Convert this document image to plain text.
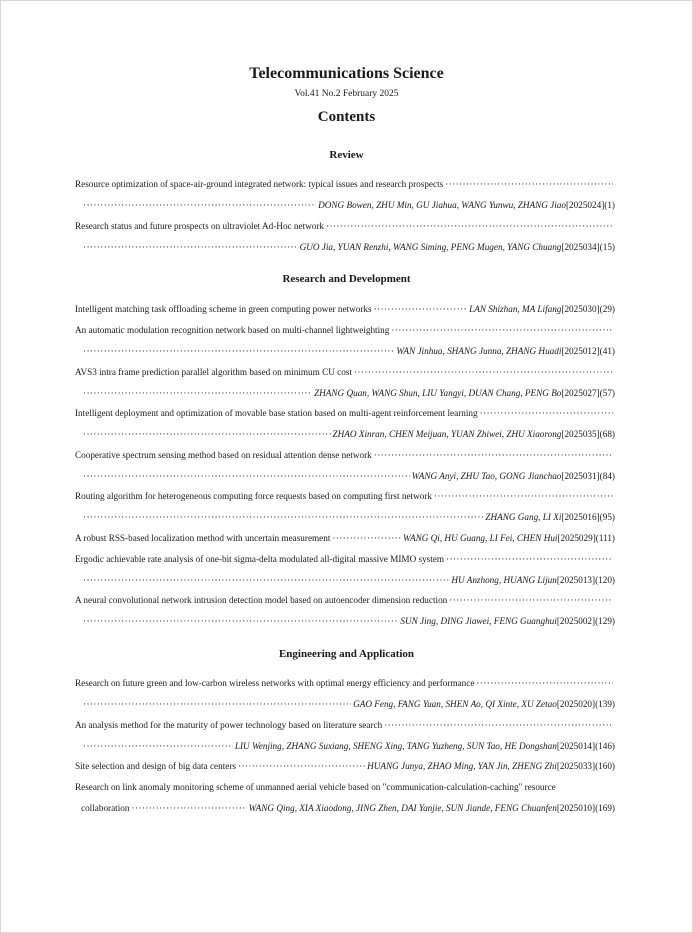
Telecommunications Science
Vol.41 No.2 February 2025
Contents
Review
Resource optimization of space-air-ground integrated network: typical issues and research prospects
·····
·····
DONG Bowen, ZHU Min, GU Jiahua, WANG Yunwu, ZHANG Jiao [2025024](1)
Research status and future prospects on ultraviolet Ad-Hoc network
·····
·····
GUO Jia, YUAN Renzhi, WANG Siming, PENG Mugen, YANG Chuang [2025034](15)
Research and Development
Intelligent matching task offloading scheme in green computing power networks ·····	LAN Shizhan, MA Lifang [2025030](29)
An automatic modulation recognition network based on multi-channel lightweighting
·····
·····
WAN Jinhua, SHANG Junna, ZHANG Huadi [2025012](41)
AVS3 intra frame prediction parallel algorithm based on minimum CU cost
·····
·····
ZHANG Quan, WANG Shun, LIU Yangyi, DUAN Chang, PENG Bo [2025027](57)
Intelligent deployment and optimization of movable base station based on multi-agent reinforcement learning
·····
·····
ZHAO Xinran, CHEN Meijuan, YUAN Zhiwei, ZHU Xiaorong [2025035](68)
Cooperative spectrum sensing method based on residual attention dense network
·····
·····
WANG Anyi, ZHU Tao, GONG Jianchao [2025031](84)
Routing algorithm for heterogeneous computing force requests based on computing first network
·····
·····
ZHANG Gang, LI Xi [2025016](95)
A robust RSS-based localization method with uncertain measurement ·····	WANG Qi, HU Guang, LI Fei, CHEN Hui [2025029](111)
Ergodic achievable rate analysis of one-bit sigma-delta modulated all-digital massive MIMO system
·····
·····
HU Anzhong, HUANG Lijun [2025013](120)
A neural convolutional network intrusion detection model based on autoencoder dimension reduction
·····
·····
SUN Jing, DING Jiawei, FENG Guanghui [2025002](129)
Engineering and Application
Research on future green and low-carbon wireless networks with optimal energy efficiency and performance
·····
·····
GAO Feng, FANG Yuan, SHEN Ao, QI Xinte, XU Zetao [2025020](139)
An analysis method for the maturity of power technology based on literature search
·····
·····
LIU Wenjing, ZHANG Suxiang, SHENG Xing, TANG Yuzheng, SUN Tao, HE Dongshan [2025014](146)
Site selection and design of big data centers ·····	HUANG Junya, ZHAO Ming, YAN Jin, ZHENG Zhi [2025033](160)
Research on link anomaly monitoring scheme of unmanned aerial vehicle based on "communication-calculation-caching" resource
collaboration ·····	WANG Qing, XIA Xiaodong, JING Zhen, DAI Yanjie, SUN Jiande, FENG Chuanfen [2025010](169)
